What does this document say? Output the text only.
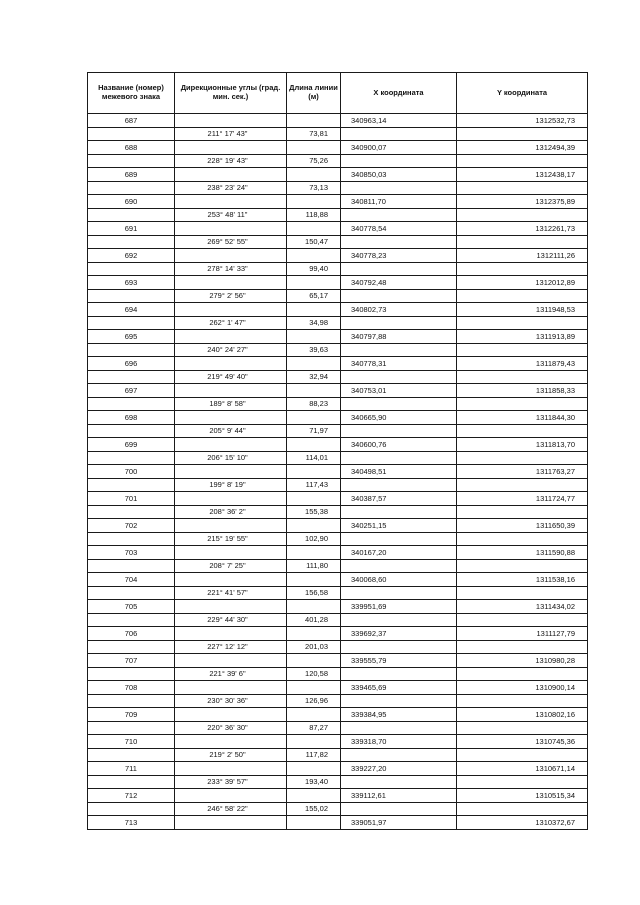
Название (номер) межевого знака	Дирекционные углы (град. мин. сек.)	Длина линии (м)	X координата	Y координата
687			340963,14	1312532,73
	211° 17' 43"	73,81		
688			340900,07	1312494,39
	228° 19' 43"	75,26		
689			340850,03	1312438,17
	238° 23' 24"	73,13		
690			340811,70	1312375,89
	253° 48' 11"	118,88		
691			340778,54	1312261,73
	269° 52' 55"	150,47		
692			340778,23	1312111,26
	278° 14' 33"	99,40		
693			340792,48	1312012,89
	279° 2' 56"	65,17		
694			340802,73	1311948,53
	262° 1' 47"	34,98		
695			340797,88	1311913,89
	240° 24' 27"	39,63		
696			340778,31	1311879,43
	219° 49' 40"	32,94		
697			340753,01	1311858,33
	189° 8' 58"	88,23		
698			340665,90	1311844,30
	205° 9' 44"	71,97		
699			340600,76	1311813,70
	206° 15' 10"	114,01		
700			340498,51	1311763,27
	199° 8' 19"	117,43		
701			340387,57	1311724,77
	208° 36' 2"	155,38		
702			340251,15	1311650,39
	215° 19' 55"	102,90		
703			340167,20	1311590,88
	208° 7' 25"	111,80		
704			340068,60	1311538,16
	221° 41' 57"	156,58		
705			339951,69	1311434,02
	229° 44' 30"	401,28		
706			339692,37	1311127,79
	227° 12' 12"	201,03		
707			339555,79	1310980,28
	221° 39' 6"	120,58		
708			339465,69	1310900,14
	230° 30' 36"	126,96		
709			339384,95	1310802,16
	220° 36' 30"	87,27		
710			339318,70	1310745,36
	219° 2' 50"	117,82		
711			339227,20	1310671,14
	233° 39' 57"	193,40		
712			339112,61	1310515,34
	246° 58' 22"	155,02		
713			339051,97	1310372,67
